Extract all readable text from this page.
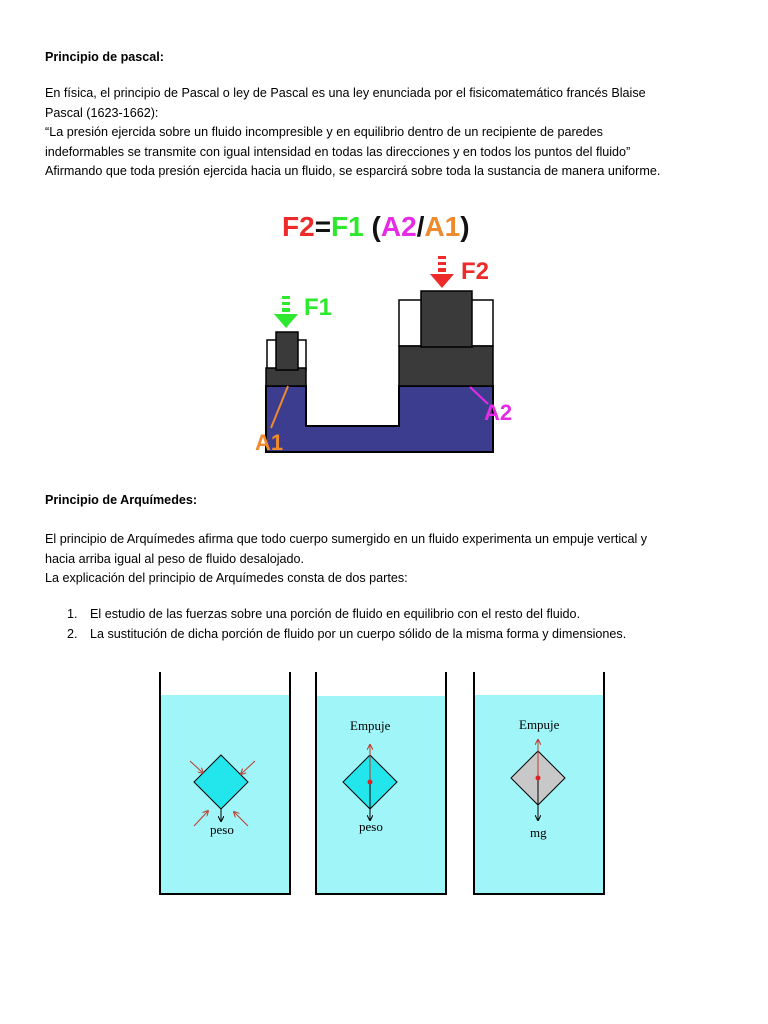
Principio de pascal:

En física, el principio de Pascal o ley de Pascal es una ley enunciada por el fisicomatemático francés Blaise
Pascal (1623-1662):
“La presión ejercida sobre un fluido incompresible y en equilibrio dentro de un recipiente de paredes
indeformables se transmite con igual intensidad en todas las direcciones y en todos los puntos del fluido”
Afirmando que toda presión ejercida hacia un fluido, se esparcirá sobre toda la sustancia de manera uniforme.
F2=F1 (A2/A1)
F1
F2
A1
A2

Principio de Arquímedes:

El principio de Arquímedes afirma que todo cuerpo sumergido en un fluido experimenta un empuje vertical y
hacia arriba igual al peso de fluido desalojado.
La explicación del principio de Arquímedes consta de dos partes:
1. El estudio de las fuerzas sobre una porción de fluido en equilibrio con el resto del fluido.
2. La sustitución de dicha porción de fluido por un cuerpo sólido de la misma forma y dimensiones.
peso
Empuje
peso
Empuje
mg
